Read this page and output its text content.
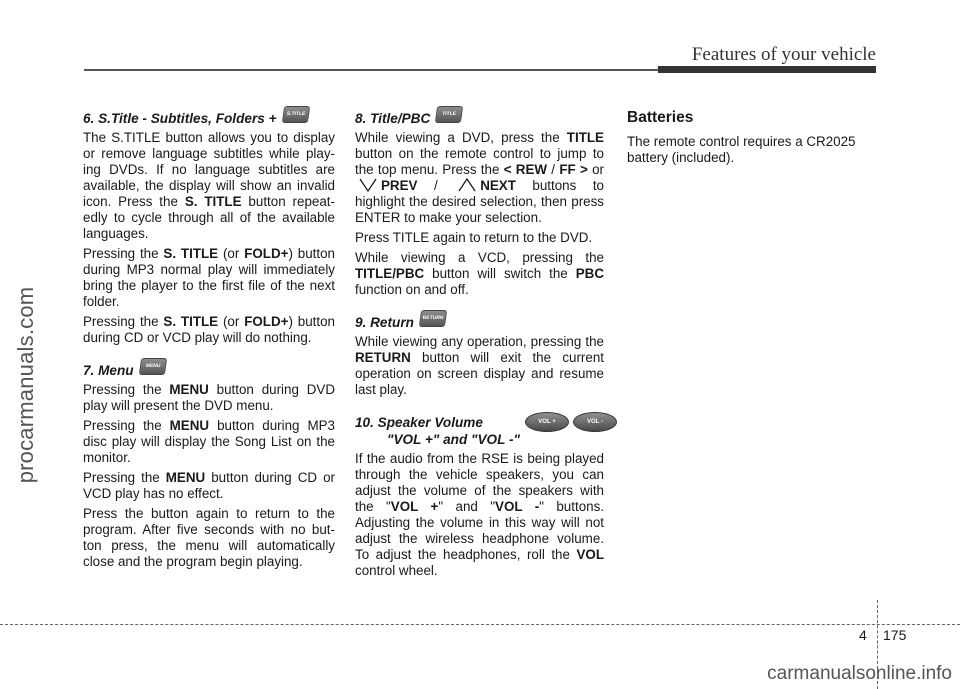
Features of your vehicle
procarmanuals.com
6. S.Title - Subtitles, Folders +	S.TITLE

The S.TITLE button allows you to display or remove language subtitles while play- ing DVDs. If no language subtitles are available, the display will show an invalid icon. Press the S. TITLE button repeat- edly to cycle through all of the available languages.

Pressing the S. TITLE (or FOLD+) button during MP3 normal play will immediately bring the player to the first file of the next folder.

Pressing the S. TITLE (or FOLD+) button during CD or VCD play will do nothing.

7. Menu	MENU

Pressing the MENU button during DVD play will present the DVD menu.

Pressing the MENU button during MP3 disc play will display the Song List on the monitor.

Pressing the MENU button during CD or VCD play has no effect.

Press the button again to return to the program. After five seconds with no but- ton press, the menu will automatically close and the program begin playing.

8. Title/PBC	TITLE

While viewing a DVD, press the TITLE button on the remote control to jump to the top menu. Press the < REW / FF > or PREV / NEXT buttons to highlight the desired selection, then press ENTER to make your selection.

Press TITLE again to return to the DVD.

While viewing a VCD, pressing the TITLE/PBC button will switch the PBC function on and off.

9. Return	RETURN

While viewing any operation, pressing the RETURN button will exit the current operation on screen display and resume last play.

10. Speaker Volume
"VOL +" and "VOL -"
VOL +	VOL -

If the audio from the RSE is being played through the vehicle speakers, you can adjust the volume of the speakers with the "VOL +" and "VOL -" buttons. Adjusting the volume in this way will not adjust the wireless headphone volume. To adjust the headphones, roll the VOL control wheel.

Batteries

The remote control requires a CR2025 battery (included).

4 175
carmanualsonline.info
